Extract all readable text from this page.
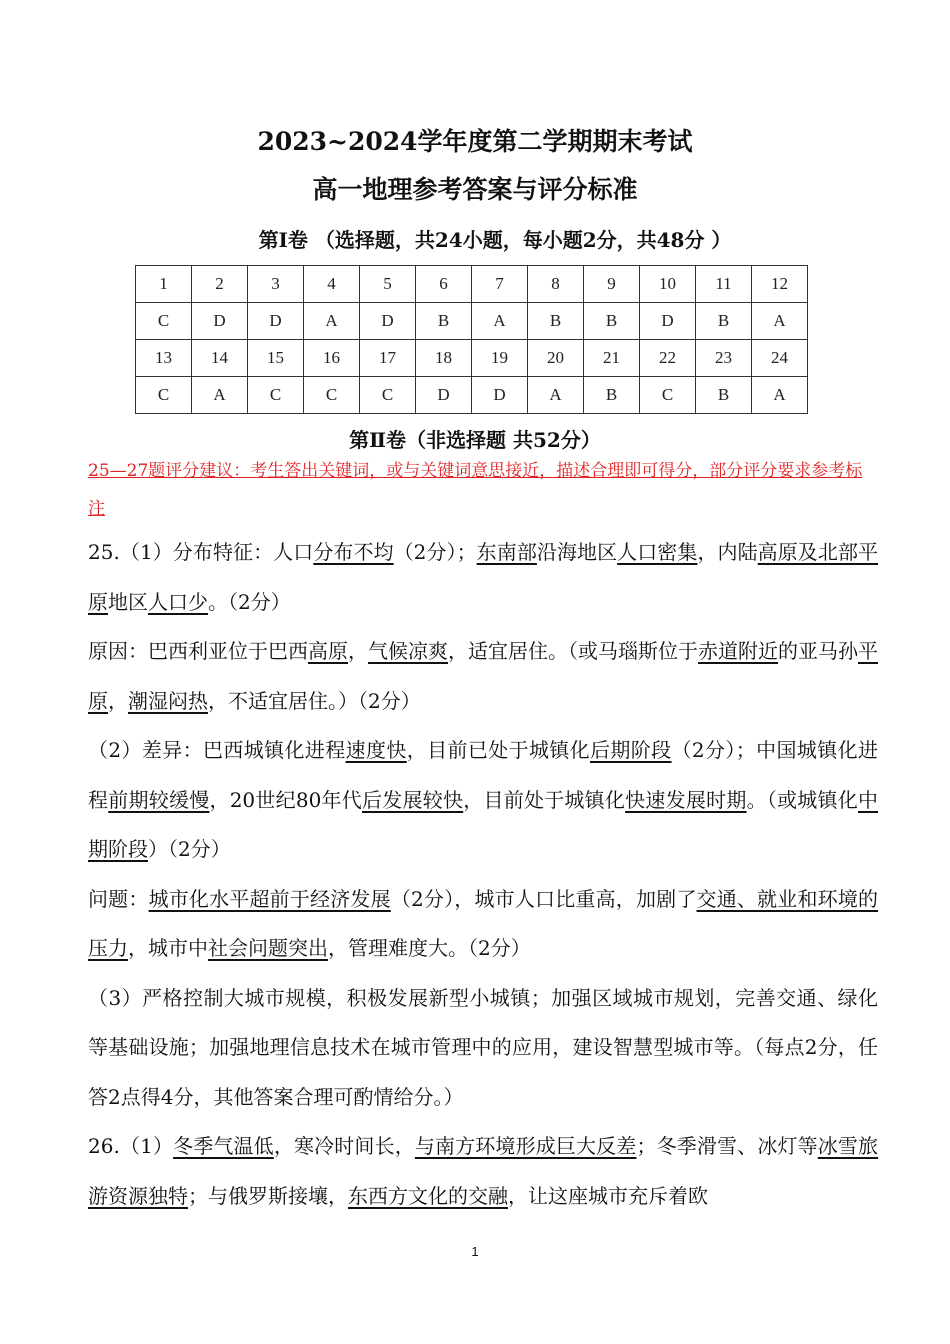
2023~2024学年度第二学期期末考试
高一地理参考答案与评分标准
第Ⅰ卷 （选择题，共24小题，每小题2分，共48分 ）
1	2	3	4	5	6	7	8	9	10	11	12
C	D	D	A	D	B	A	B	B	D	B	A
13	14	15	16	17	18	19	20	21	22	23	24
C	A	C	C	C	D	D	A	B	C	B	A
第Ⅱ卷（非选择题 共52分）
25—27题评分建议：考生答出关键词，或与关键词意思接近，描述合理即可得分，部分评分要求参考标注

25.（1）分布特征：人口分布不均（2分）；东南部沿海地区人口密集，内陆高原及北部平原地区人口少。（2分）

原因：巴西利亚位于巴西高原，气候凉爽，适宜居住。（或马瑙斯位于赤道附近的亚马孙平原，潮湿闷热，不适宜居住。）（2分）

（2）差异：巴西城镇化进程速度快，目前已处于城镇化后期阶段（2分）；中国城镇化进程前期较缓慢，20世纪80年代后发展较快，目前处于城镇化快速发展时期。（或城镇化中期阶段）（2分）

问题：城市化水平超前于经济发展（2分），城市人口比重高，加剧了交通、就业和环境的压力，城市中社会问题突出，管理难度大。（2分）

（3）严格控制大城市规模，积极发展新型小城镇；加强区域城市规划，完善交通、绿化等基础设施；加强地理信息技术在城市管理中的应用，建设智慧型城市等。（每点2分，任答2点得4分，其他答案合理可酌情给分。）

26.（1）冬季气温低，寒冷时间长，与南方环境形成巨大反差；冬季滑雪、冰灯等冰雪旅游资源独特；与俄罗斯接壤，东西方文化的交融，让这座城市充斥着欧

1
